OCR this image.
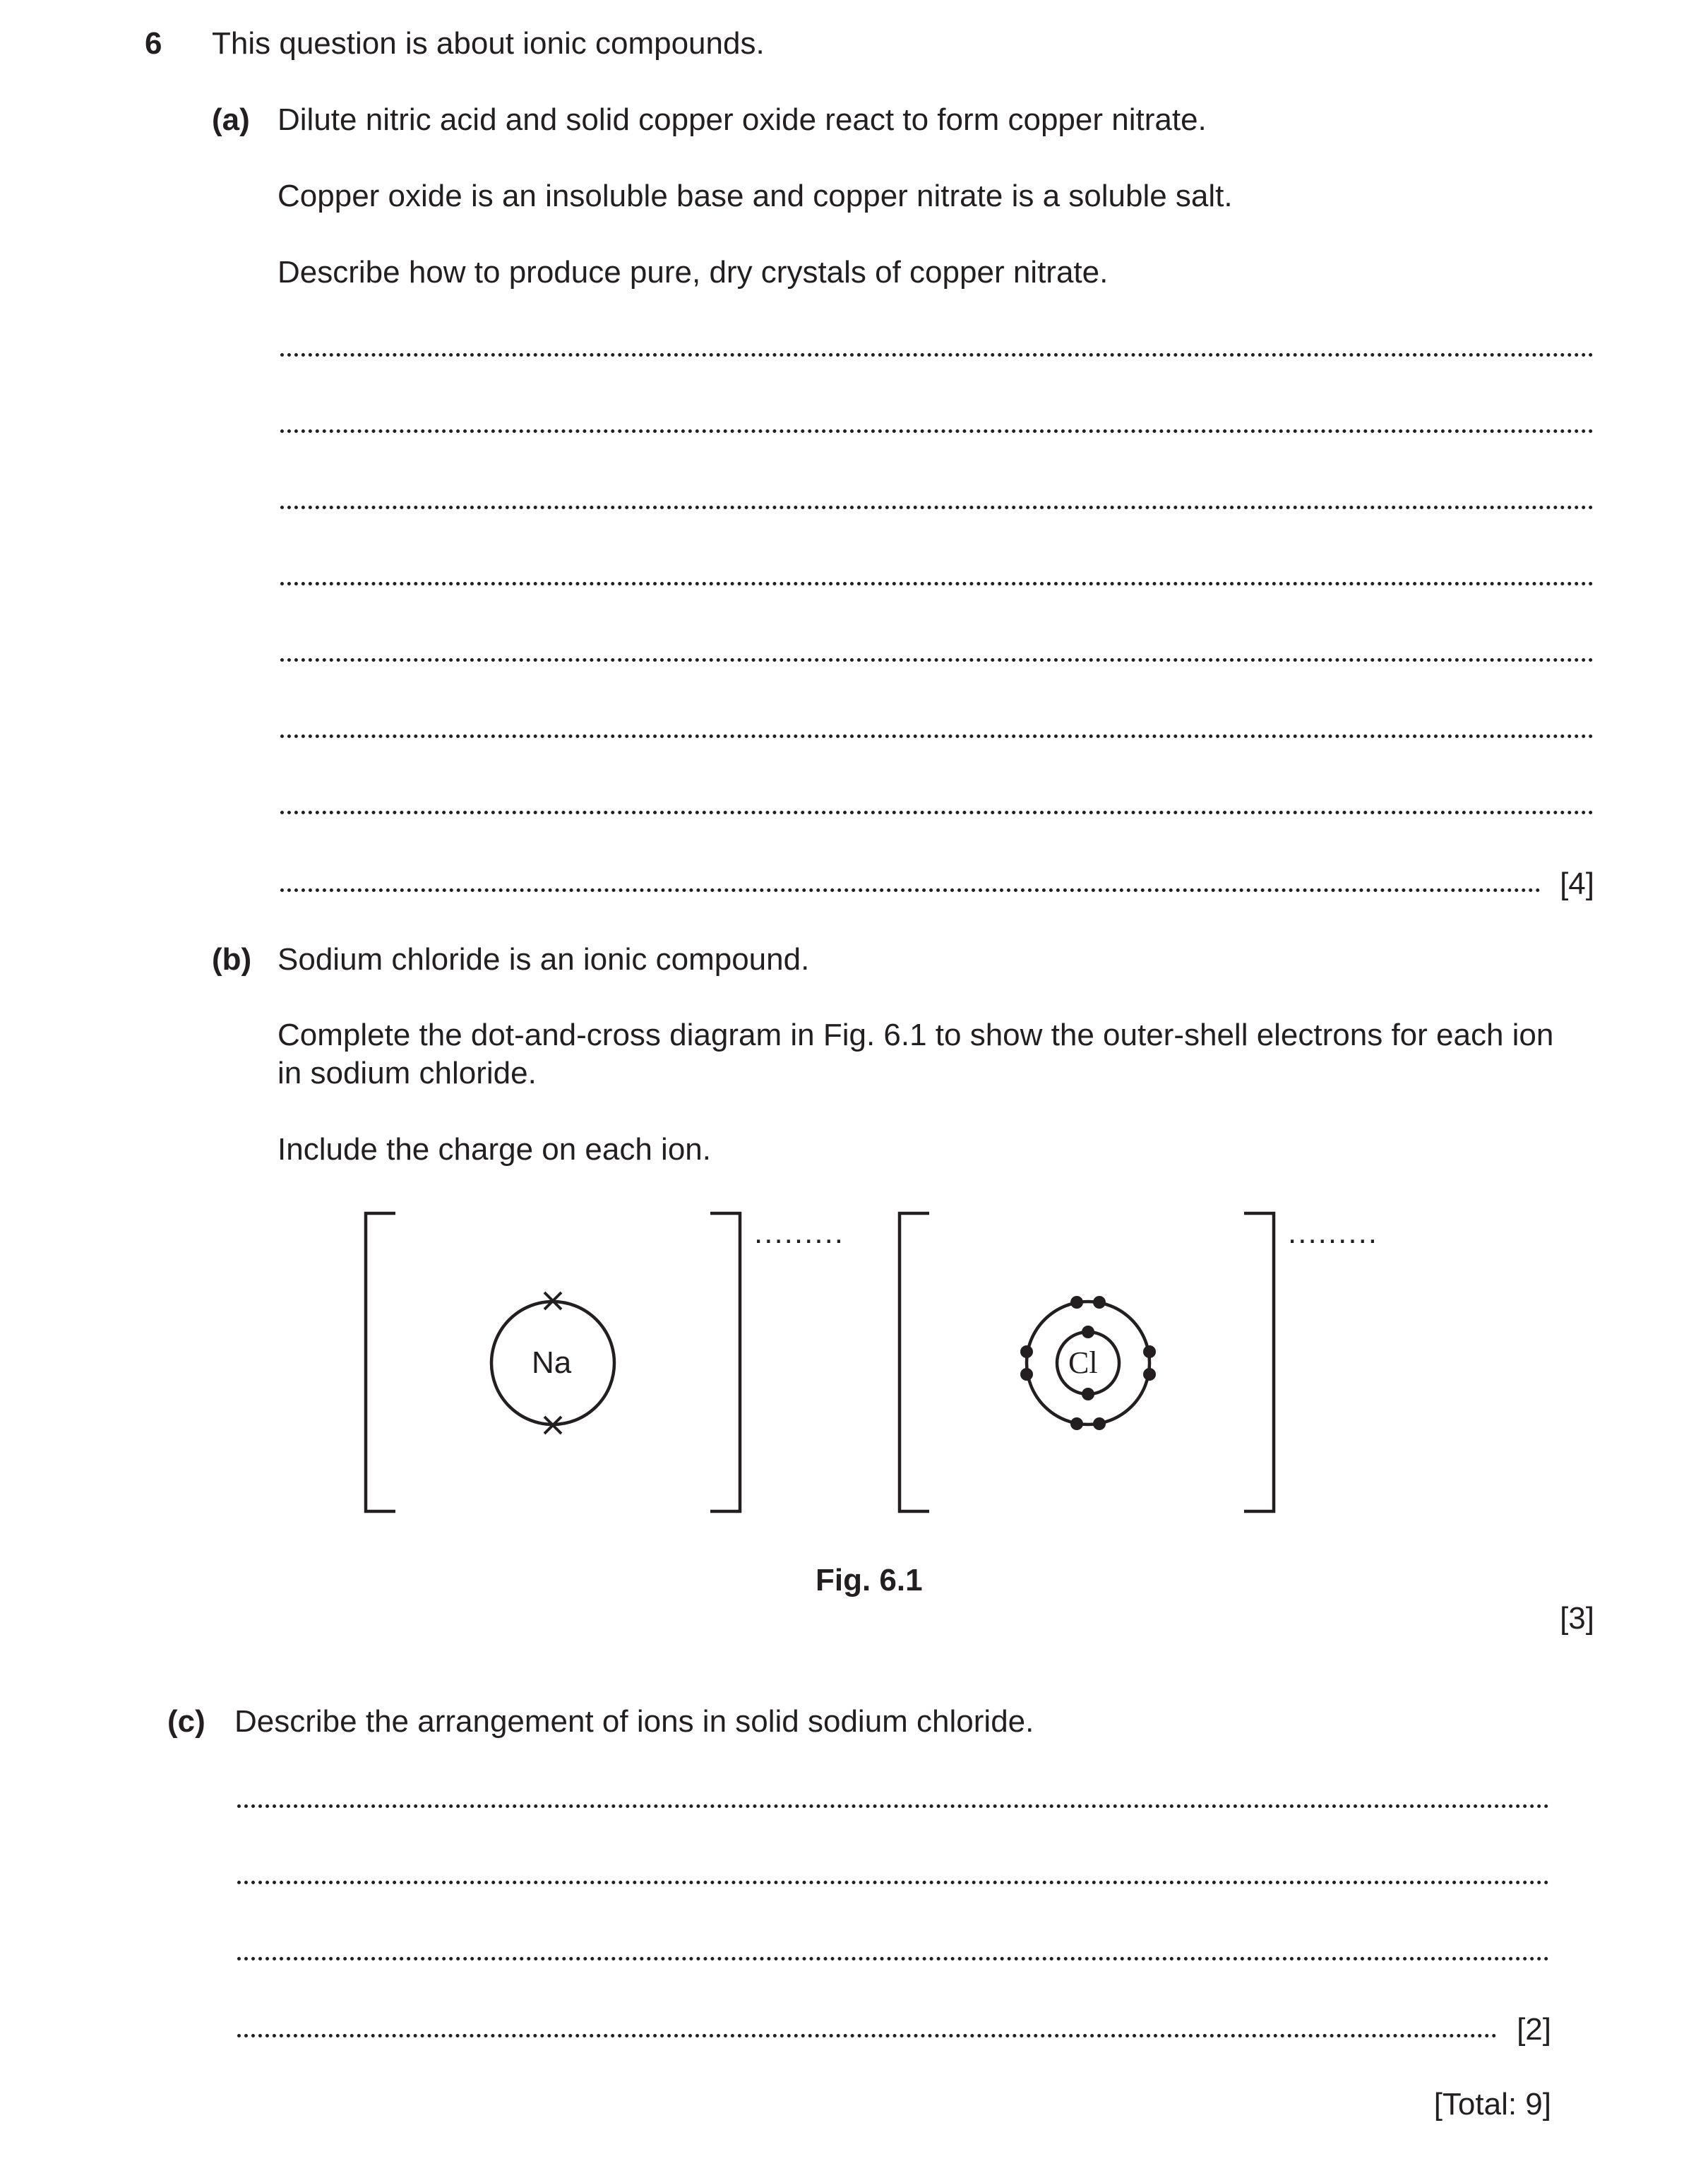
6 This question is about ionic compounds.
(a) Dilute nitric acid and solid copper oxide react to form copper nitrate.
Copper oxide is an insoluble base and copper nitrate is a soluble salt.
Describe how to produce pure, dry crystals of copper nitrate.
[4]
(b) Sodium chloride is an ionic compound.
Complete the dot-and-cross diagram in Fig. 6.1 to show the outer-shell electrons for each ion
in sodium chloride.
Include the charge on each ion.
Na	Cl
.........	.........
Fig. 6.1
[3]
(c) Describe the arrangement of ions in solid sodium chloride.
[2]
[Total: 9]
